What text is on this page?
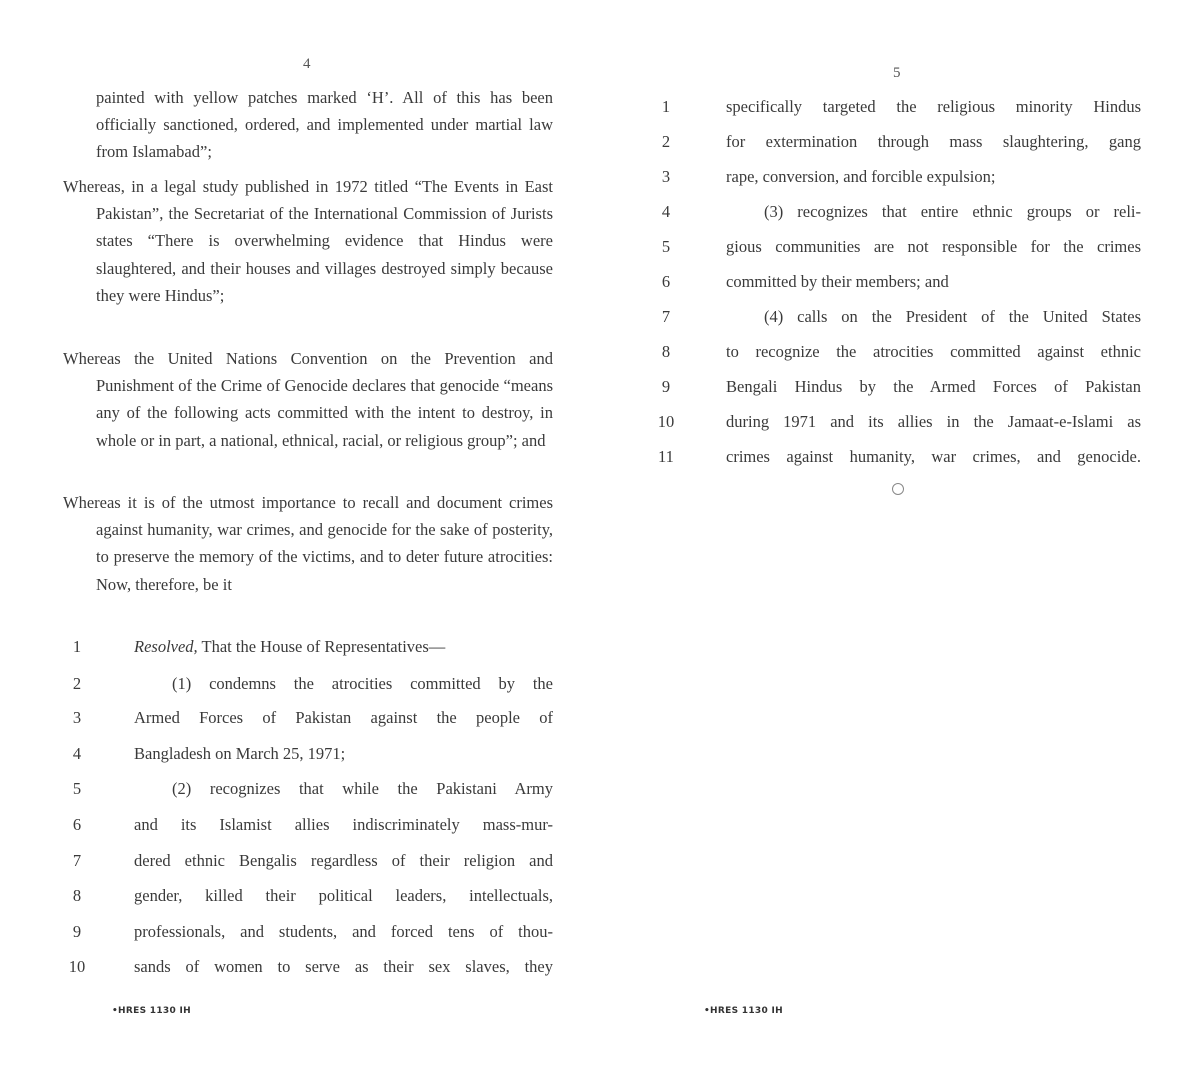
4

painted with yellow patches marked ‘H’. All of this has been officially sanctioned, ordered, and implemented under martial law from Islamabad”;

Whereas, in a legal study published in 1972 titled “The Events in East Pakistan”, the Secretariat of the International Commission of Jurists states “There is overwhelming evidence that Hindus were slaughtered, and their houses and villages destroyed simply because they were Hindus”;

Whereas the United Nations Convention on the Prevention and Punishment of the Crime of Genocide declares that genocide “means any of the following acts committed with the intent to destroy, in whole or in part, a national, ethnical, racial, or religious group”; and

Whereas it is of the utmost importance to recall and document crimes against humanity, war crimes, and genocide for the sake of posterity, to preserve the memory of the victims, and to deter future atrocities: Now, therefore, be it

1	Resolved, That the House of Representatives—
2	(1) condemns the atrocities committed by the
3	Armed Forces of Pakistan against the people of
4	Bangladesh on March 25, 1971;
5	(2) recognizes that while the Pakistani Army
6	and its Islamist allies indiscriminately mass-mur-
7	dered ethnic Bengalis regardless of their religion and
8	gender, killed their political leaders, intellectuals,
9	professionals, and students, and forced tens of thou-
10	sands of women to serve as their sex slaves, they
•HRES 1130 IH
5
1	specifically targeted the religious minority Hindus
2	for extermination through mass slaughtering, gang
3	rape, conversion, and forcible expulsion;
4	(3) recognizes that entire ethnic groups or reli-
5	gious communities are not responsible for the crimes
6	committed by their members; and
7	(4) calls on the President of the United States
8	to recognize the atrocities committed against ethnic
9	Bengali Hindus by the Armed Forces of Pakistan
10	during 1971 and its allies in the Jamaat-e-Islami as
11	crimes against humanity, war crimes, and genocide.
•HRES 1130 IH
